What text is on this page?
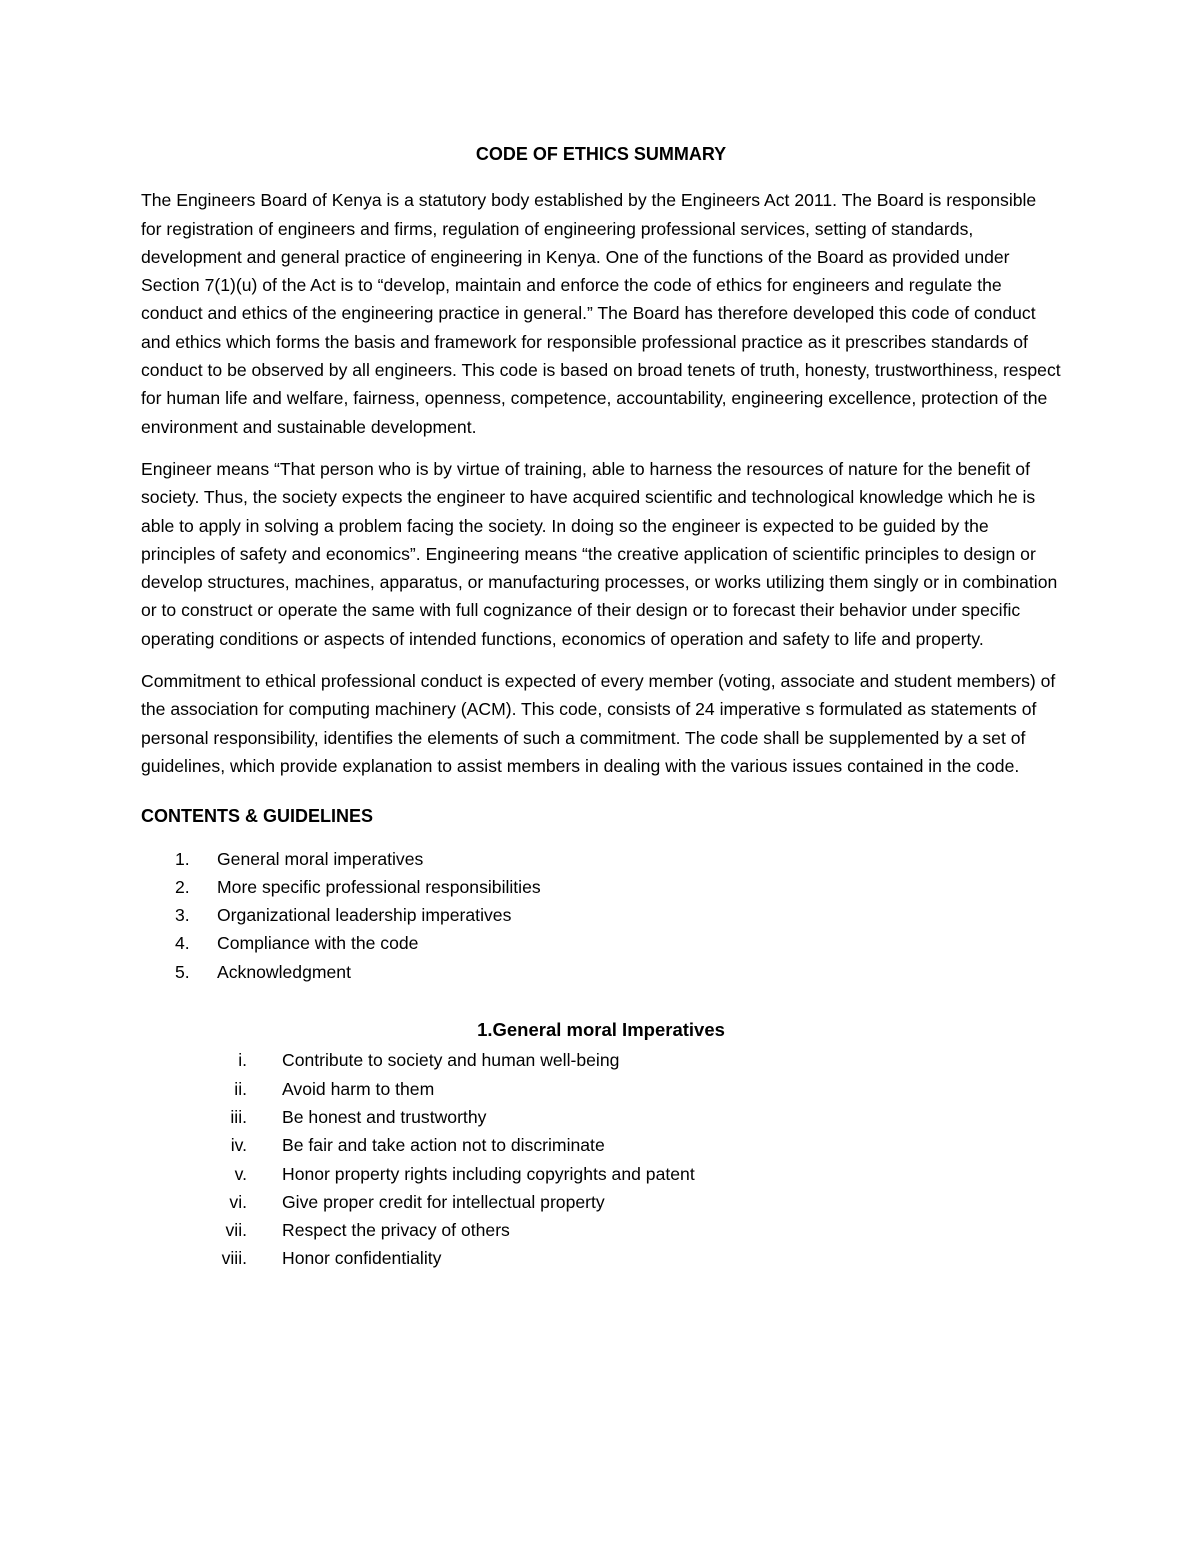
CODE OF ETHICS SUMMARY

The Engineers Board of Kenya is a statutory body established by the Engineers Act 2011. The Board is responsible for registration of engineers and firms, regulation of engineering professional services, setting of standards, development and general practice of engineering in Kenya. One of the functions of the Board as provided under Section 7(1)(u) of the Act is to “develop, maintain and enforce the code of ethics for engineers and regulate the conduct and ethics of the engineering practice in general.” The Board has therefore developed this code of conduct and ethics which forms the basis and framework for responsible professional practice as it prescribes standards of conduct to be observed by all engineers. This code is based on broad tenets of truth, honesty, trustworthiness, respect for human life and welfare, fairness, openness, competence, accountability, engineering excellence, protection of the environment and sustainable development.

Engineer means “That person who is by virtue of training, able to harness the resources of nature for the benefit of society. Thus, the society expects the engineer to have acquired scientific and technological knowledge which he is able to apply in solving a problem facing the society. In doing so the engineer is expected to be guided by the principles of safety and economics”. Engineering means “the creative application of scientific principles to design or develop structures, machines, apparatus, or manufacturing processes, or works utilizing them singly or in combination or to construct or operate the same with full cognizance of their design or to forecast their behavior under specific operating conditions or aspects of intended functions, economics of operation and safety to life and property.

Commitment to ethical professional conduct is expected of every member (voting, associate and student members) of the association for computing machinery (ACM). This code, consists of 24 imperative s formulated as statements of personal responsibility, identifies the elements of such a commitment. The code shall be supplemented by a set of guidelines, which provide explanation to assist members in dealing with the various issues contained in the code.

CONTENTS & GUIDELINES
1.	General moral imperatives
2.	More specific professional responsibilities
3.	Organizational leadership imperatives
4.	Compliance with the code
5.	Acknowledgment
1.General moral Imperatives
i.	Contribute to society and human well-being
ii.	Avoid harm to them
iii.	Be honest and trustworthy
iv.	Be fair and take action not to discriminate
v.	Honor property rights including copyrights and patent
vi.	Give proper credit for intellectual property
vii.	Respect the privacy of others
viii.	Honor confidentiality
